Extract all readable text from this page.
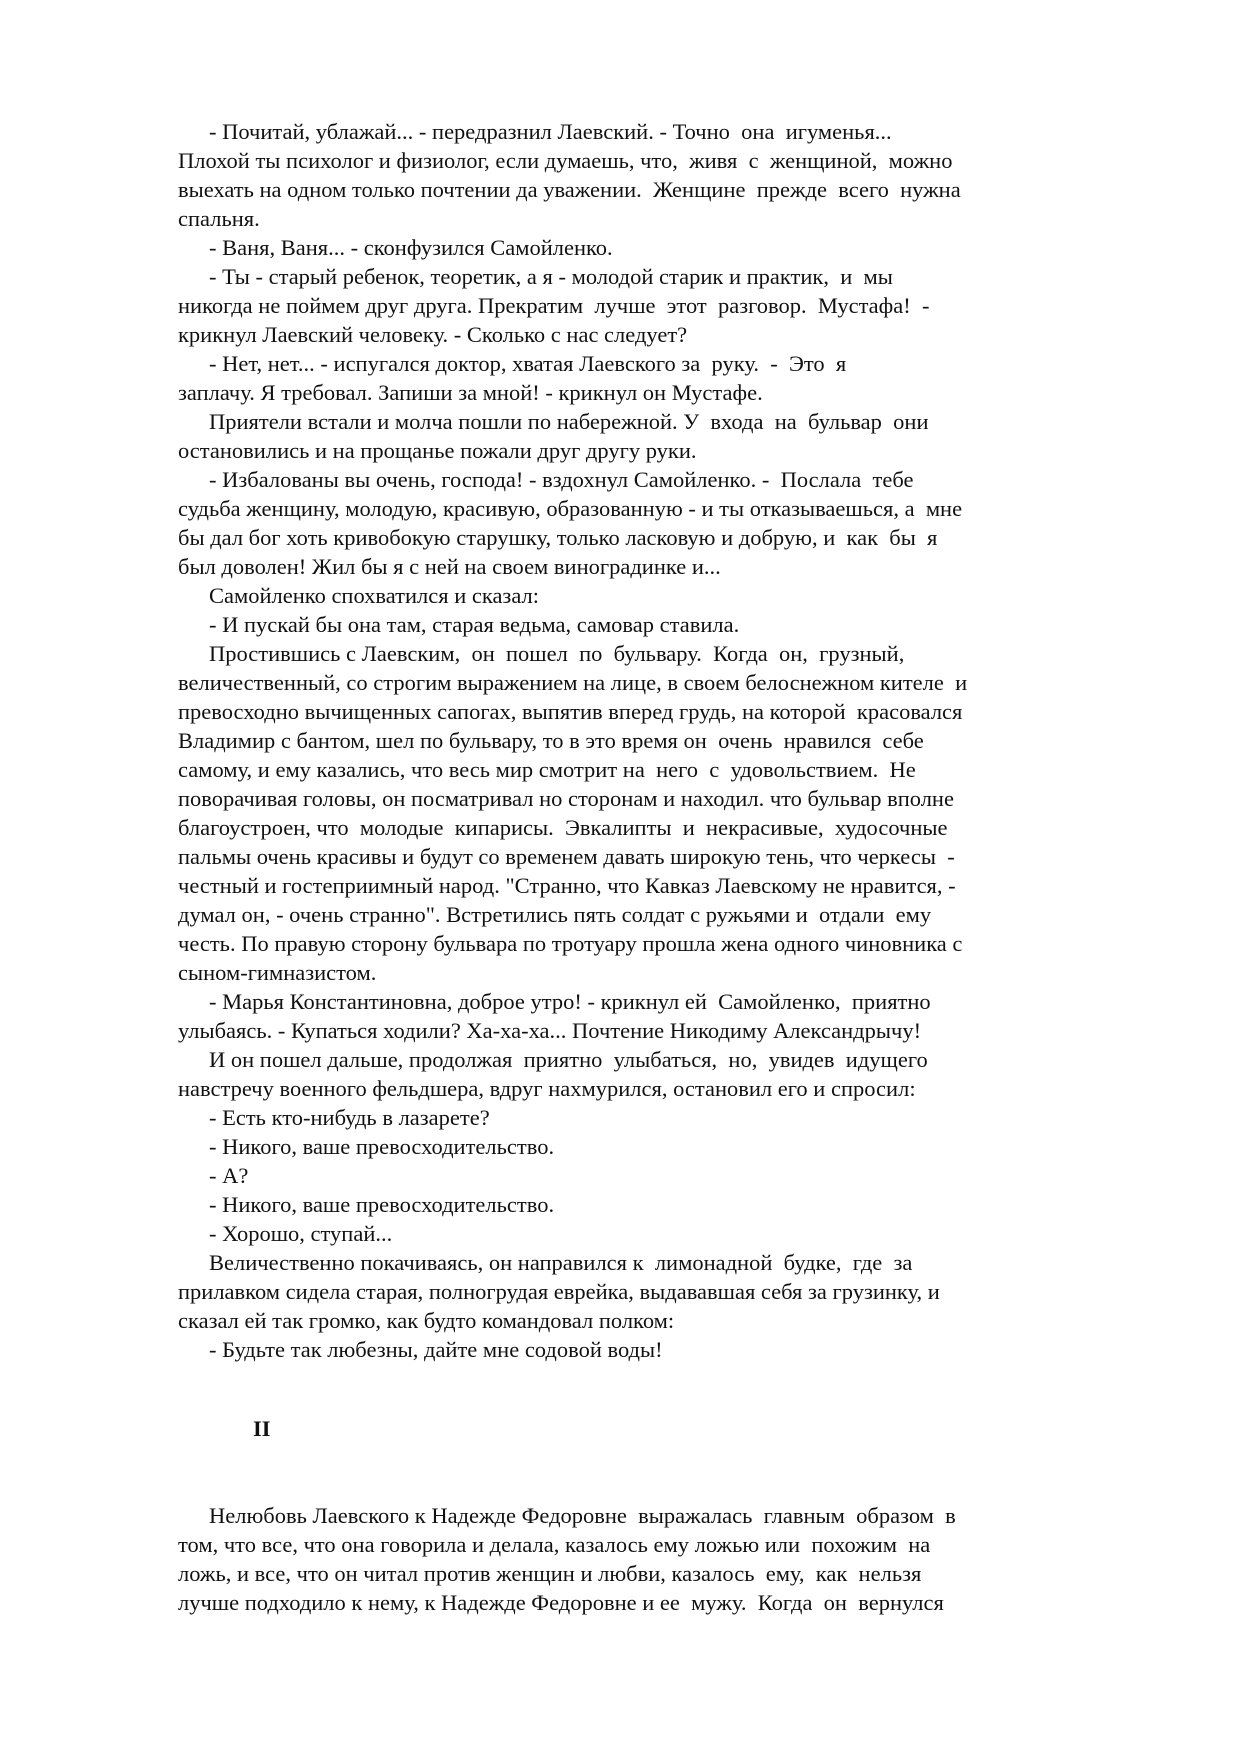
- Почитай, ублажай... - передразнил Лаевский. - Точно  она  игуменья...
Плохой ты психолог и физиолог, если думаешь, что,  живя  с  женщиной,  можно
выехать на одном только почтении да уважении.  Женщине  прежде  всего  нужна
спальня.
- Ваня, Ваня... - сконфузился Самойленко.
- Ты - старый ребенок, теоретик, а я - молодой старик и практик,  и  мы
никогда не поймем друг друга. Прекратим  лучше  этот  разговор.  Мустафа!  -
крикнул Лаевский человеку. - Сколько с нас следует?
- Нет, нет... - испугался доктор, хватая Лаевского за  руку.  -  Это  я
заплачу. Я требовал. Запиши за мной! - крикнул он Мустафе.
Приятели встали и молча пошли по набережной. У  входа  на  бульвар  они
остановились и на прощанье пожали друг другу руки.
- Избалованы вы очень, господа! - вздохнул Самойленко. -  Послала  тебе
судьба женщину, молодую, красивую, образованную - и ты отказываешься, а  мне
бы дал бог хоть кривобокую старушку, только ласковую и добрую, и  как  бы  я
был доволен! Жил бы я с ней на своем виноградинке и...
Самойленко спохватился и сказал:
- И пускай бы она там, старая ведьма, самовар ставила.
Простившись с Лаевским,  он  пошел  по  бульвару.  Когда  он,  грузный,
величественный, со строгим выражением на лице, в своем белоснежном кителе  и
превосходно вычищенных сапогах, выпятив вперед грудь, на которой  красовался
Владимир с бантом, шел по бульвару, то в это время он  очень  нравился  себе
самому, и ему казались, что весь мир смотрит на  него  с  удовольствием.  Не
поворачивая головы, он посматривал но сторонам и находил. что бульвар вполне
благоустроен, что  молодые  кипарисы.  Эвкалипты  и  некрасивые,  худосочные
пальмы очень красивы и будут со временем давать широкую тень, что черкесы  -
честный и гостеприимный народ. "Странно, что Кавказ Лаевскому не нравится, -
думал он, - очень странно". Встретились пять солдат с ружьями и  отдали  ему
честь. По правую сторону бульвара по тротуару прошла жена одного чиновника с
сыном-гимназистом.
- Марья Константиновна, доброе утро! - крикнул ей  Самойленко,  приятно
улыбаясь. - Купаться ходили? Ха-ха-ха... Почтение Никодиму Александрычу!
И он пошел дальше, продолжая  приятно  улыбаться,  но,  увидев  идущего
навстречу военного фельдшера, вдруг нахмурился, остановил его и спросил:
- Есть кто-нибудь в лазарете?
- Никого, ваше превосходительство.
- А?
- Никого, ваше превосходительство.
- Хорошо, ступай...
Величественно покачиваясь, он направился к  лимонадной  будке,  где  за
прилавком сидела старая, полногрудая еврейка, выдававшая себя за грузинку, и
сказал ей так громко, как будто командовал полком:
- Будьте так любезны, дайте мне содовой воды!
II
Нелюбовь Лаевского к Надежде Федоровне  выражалась  главным  образом  в
том, что все, что она говорила и делала, казалось ему ложью или  похожим  на
ложь, и все, что он читал против женщин и любви, казалось  ему,  как  нельзя
лучше подходило к нему, к Надежде Федоровне и ее  мужу.  Когда  он  вернулся
